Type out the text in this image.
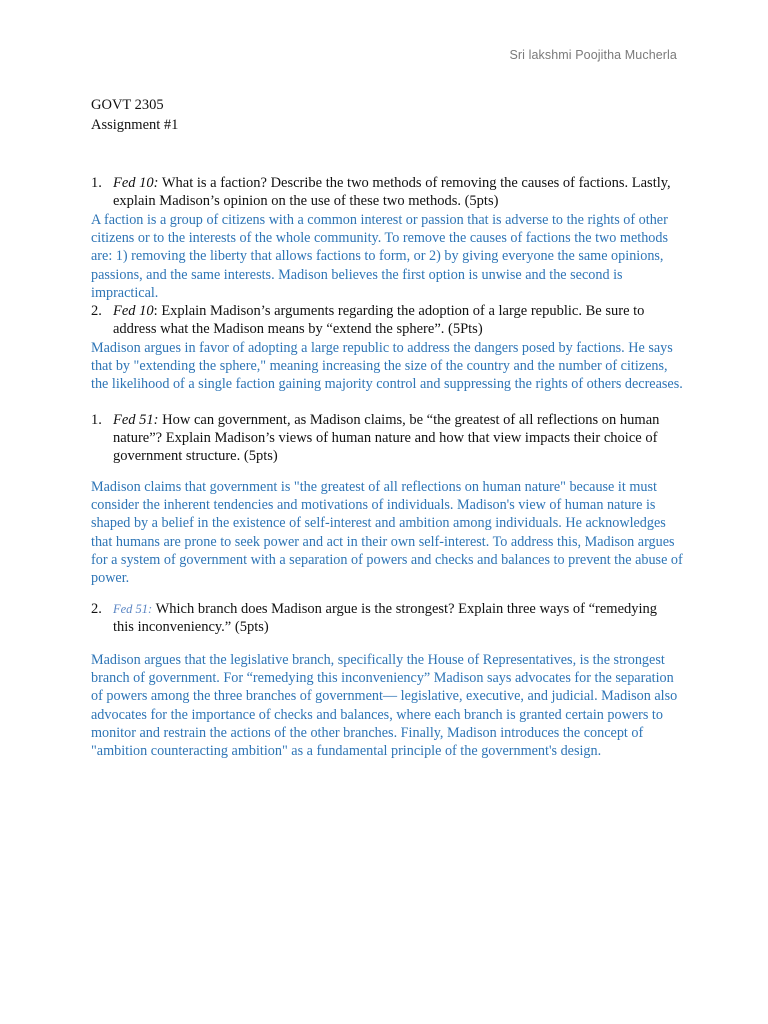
Sri lakshmi Poojitha Mucherla
GOVT 2305
Assignment #1
1. Fed 10: What is a faction? Describe the two methods of removing the causes of factions. Lastly, explain Madison’s opinion on the use of these two methods. (5pts)
A faction is a group of citizens with a common interest or passion that is adverse to the rights of other citizens or to the interests of the whole community. To remove the causes of factions the two methods are: 1) removing the liberty that allows factions to form, or 2) by giving everyone the same opinions, passions, and the same interests. Madison believes the first option is unwise and the second is impractical.
2. Fed 10: Explain Madison’s arguments regarding the adoption of a large republic. Be sure to address what the Madison means by “extend the sphere”. (5Pts)
Madison argues in favor of adopting a large republic to address the dangers posed by factions. He says that by "extending the sphere," meaning increasing the size of the country and the number of citizens, the likelihood of a single faction gaining majority control and suppressing the rights of others decreases.
1. Fed 51: How can government, as Madison claims, be “the greatest of all reflections on human nature”? Explain Madison’s views of human nature and how that view impacts their choice of government structure. (5pts)
Madison claims that government is "the greatest of all reflections on human nature" because it must consider the inherent tendencies and motivations of individuals. Madison's view of human nature is shaped by a belief in the existence of self-interest and ambition among individuals. He acknowledges that humans are prone to seek power and act in their own self-interest. To address this, Madison argues for a system of government with a separation of powers and checks and balances to prevent the abuse of power.
2. Fed 51: Which branch does Madison argue is the strongest? Explain three ways of “remedying this inconveniency.” (5pts)
Madison argues that the legislative branch, specifically the House of Representatives, is the strongest branch of government. For “remedying this inconveniency” Madison says advocates for the separation of powers among the three branches of government— legislative, executive, and judicial. Madison also advocates for the importance of checks and balances, where each branch is granted certain powers to monitor and restrain the actions of the other branches. Finally, Madison introduces the concept of "ambition counteracting ambition" as a fundamental principle of the government's design.
